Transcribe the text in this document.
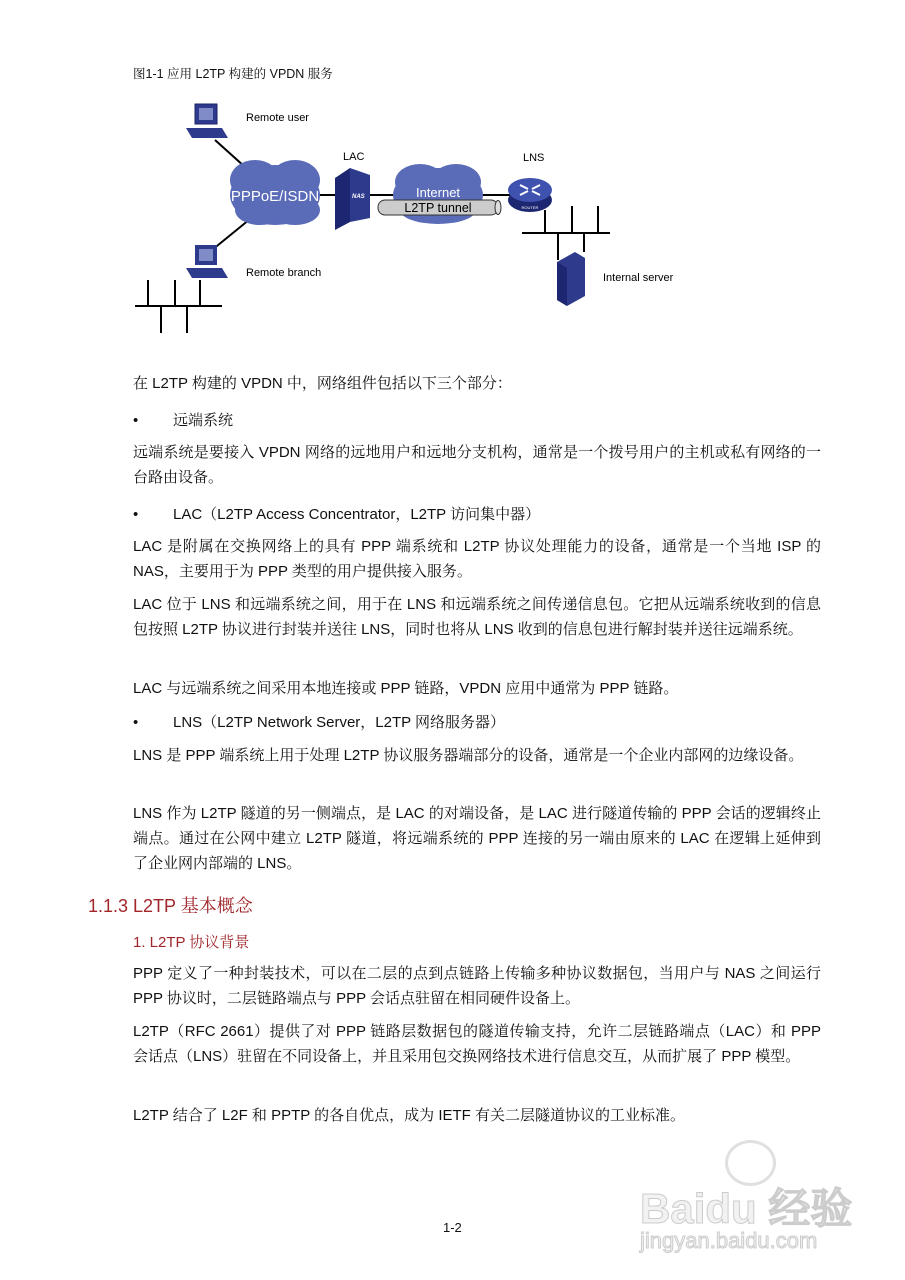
图1-1 应用 L2TP 构建的 VPDN 服务
PPPoE/ISDN	NAS
LAC
Internet
L2TP tunnel
LNS
ROUTER
Remote user
Remote branch	Internal server
在 L2TP 构建的 VPDN 中，网络组件包括以下三个部分：
• 远端系统
远端系统是要接入 VPDN 网络的远地用户和远地分支机构，通常是一个拨号用户的主机或私有网络的一台路由设备。
• LAC（L2TP Access Concentrator，L2TP 访问集中器）
LAC 是附属在交换网络上的具有 PPP 端系统和 L2TP 协议处理能力的设备，通常是一个当地 ISP 的 NAS，主要用于为 PPP 类型的用户提供接入服务。
LAC 位于 LNS 和远端系统之间，用于在 LNS 和远端系统之间传递信息包。它把从远端系统收到的信息包按照 L2TP 协议进行封装并送往 LNS，同时也将从 LNS 收到的信息包进行解封装并送往远端系统。
LAC 与远端系统之间采用本地连接或 PPP 链路，VPDN 应用中通常为 PPP 链路。
• LNS（L2TP Network Server，L2TP 网络服务器）
LNS 是 PPP 端系统上用于处理 L2TP 协议服务器端部分的设备，通常是一个企业内部网的边缘设备。
LNS 作为 L2TP 隧道的另一侧端点，是 LAC 的对端设备，是 LAC 进行隧道传输的 PPP 会话的逻辑终止端点。通过在公网中建立 L2TP 隧道，将远端系统的 PPP 连接的另一端由原来的 LAC 在逻辑上延伸到了企业网内部端的 LNS。
1.1.3 L2TP 基本概念
1. L2TP 协议背景
PPP 定义了一种封装技术，可以在二层的点到点链路上传输多种协议数据包，当用户与 NAS 之间运行 PPP 协议时，二层链路端点与 PPP 会话点驻留在相同硬件设备上。
L2TP（RFC 2661）提供了对 PPP 链路层数据包的隧道传输支持，允许二层链路端点（LAC）和 PPP 会话点（LNS）驻留在不同设备上，并且采用包交换网络技术进行信息交互，从而扩展了 PPP 模型。
L2TP 结合了 L2F 和 PPTP 的各自优点，成为 IETF 有关二层隧道协议的工业标准。
Baidu 经验
jingyan.baidu.com
1-2
